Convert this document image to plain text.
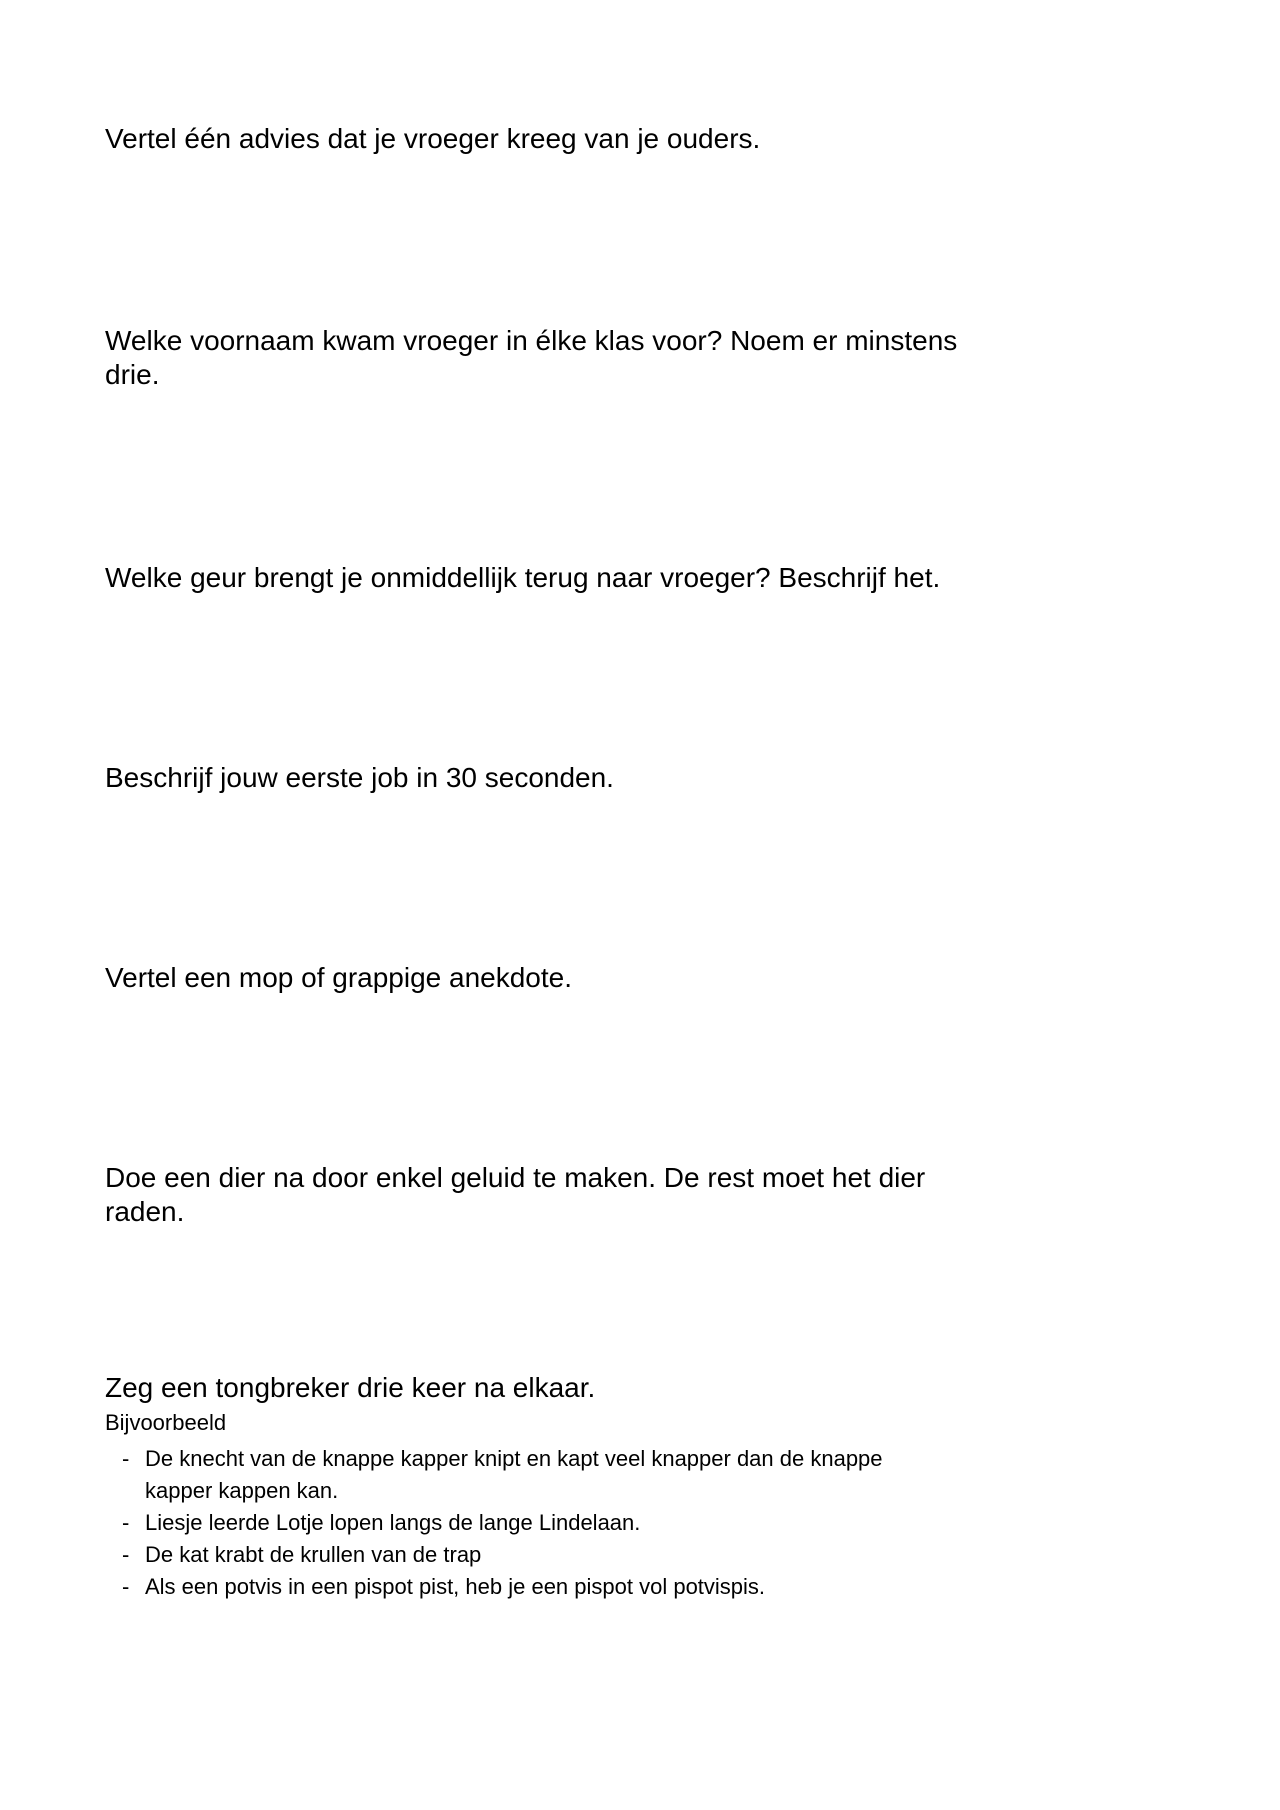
Vertel één advies dat je vroeger kreeg van je ouders.

Welke voornaam kwam vroeger in élke klas voor? Noem er minstens
drie.

Welke geur brengt je onmiddellijk terug naar vroeger? Beschrijf het.

Beschrijf jouw eerste job in 30 seconden.

Vertel een mop of grappige anekdote.

Doe een dier na door enkel geluid te maken. De rest moet het dier
raden.

Zeg een tongbreker drie keer na elkaar.

Bijvoorbeeld

- De knecht van de knappe kapper knipt en kapt veel knapper dan de knappe
kapper kappen kan.
- Liesje leerde Lotje lopen langs de lange Lindelaan.
- De kat krabt de krullen van de trap
- Als een potvis in een pispot pist, heb je een pispot vol potvispis.
